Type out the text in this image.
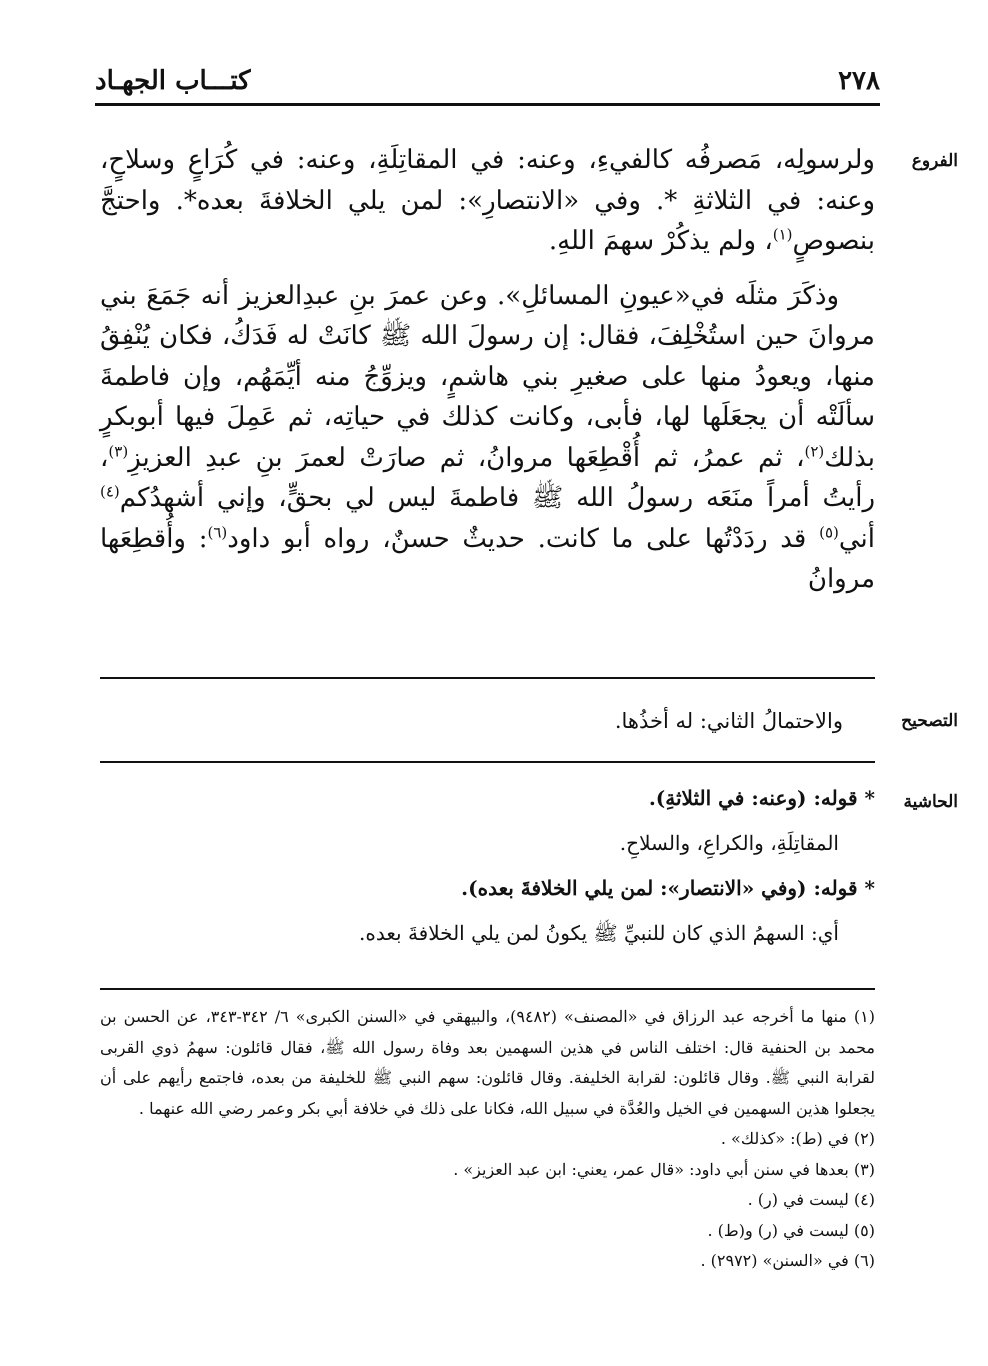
٢٧٨
كتـــاب الجهـاد
الفروع

ولرسولِه، مَصرفُه كالفيءِ، وعنه: في المقاتِلَةِ، وعنه: في كُرَاعٍ وسلاحٍ، وعنه: في الثلاثةِ *. وفي «الانتصارِ»: لمن يلي الخلافةَ بعده*. واحتجَّ بنصوصٍ$^{(١)}$، ولم يذكُرْ سهمَ اللهِ.

وذكَرَ مثلَه في«عيونِ المسائلِ». وعن عمرَ بنِ عبدِالعزيز أنه جَمَعَ بني مروانَ حين استُخْلِفَ، فقال: إن رسولَ الله ﷺ كانَتْ له فَدَكُ، فكان يُنْفِقُ منها، ويعودُ منها على صغيرِ بني هاشمٍ، ويزوِّجُ منه أيِّمَهُم، وإن فاطمةَ سألَتْه أن يجعَلَها لها، فأبى، وكانت كذلك في حياتِه، ثم عَمِلَ فيها أبوبكرٍ بذلك$^{(٢)}$، ثم عمرُ، ثم أُقْطِعَها مروانُ، ثم صارَتْ لعمرَ بنِ عبدِ العزيزِ$^{(٣)}$، رأيتُ أمراً منَعَه رسولُ الله ﷺ فاطمةَ ليس لي بحقٍّ، وإني أشهدُكم$^{(٤)}$ أني$^{(٥)}$ قد ردَدْتُها على ما كانت. حديثٌ حسنٌ، رواه أبو داود$^{(٦)}$: وأُقطِعَها مروانُ

التصحيح
والاحتمالُ الثاني: له أخذُها.
الحاشية

* قوله: (وعنه: في الثلاثةِ).

المقاتِلَةِ، والكراعِ، والسلاحِ.

* قوله: (وفي «الانتصار»: لمن يلي الخلافةَ بعده).

أي: السهمُ الذي كان للنبيِّ ﷺ يكونُ لمن يلي الخلافةَ بعده.

(١) منها ما أخرجه عبد الرزاق في «المصنف» (٩٤٨٢)، والبيهقي في «السنن الكبرى» ٦/ ٣٤٢-٣٤٣، عن الحسن بن محمد بن الحنفية قال: اختلف الناس في هذين السهمين بعد وفاة رسول الله ﷺ، فقال قائلون: سهمُ ذوي القربى لقرابة النبي ﷺ. وقال قائلون: لقرابة الخليفة. وقال قائلون: سهم النبي ﷺ للخليفة من بعده، فاجتمع رأيهم على أن يجعلوا هذين السهمين في الخيل والعُدَّة في سبيل الله، فكانا على ذلك في خلافة أبي بكر وعمر رضي الله عنهما .

(٢) في (ط): «كذلك» .

(٣) بعدها في سنن أبي داود: «قال عمر، يعني: ابن عبد العزيز» .

(٤) ليست في (ر) .

(٥) ليست في (ر) و(ط) .

(٦) في «السنن» (٢٩٧٢) .
